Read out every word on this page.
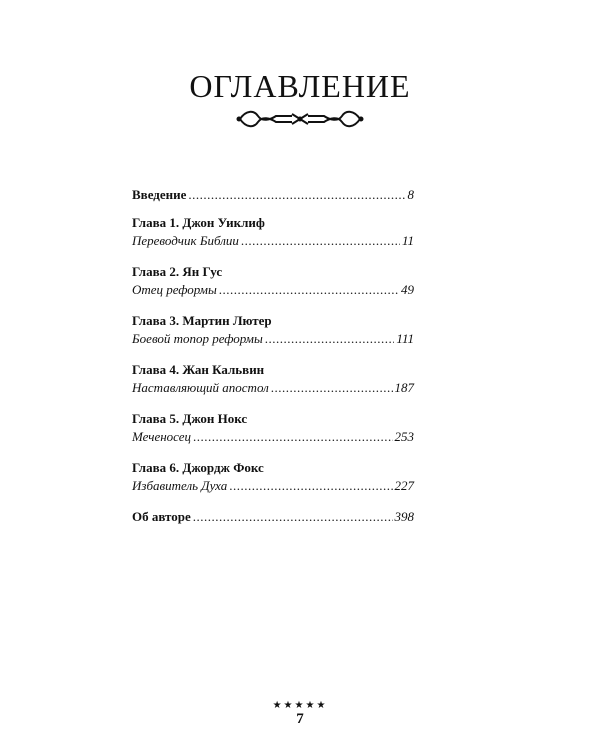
ОГЛАВЛЕНИЕ
Введение .....	8
Глава 1. Джон Уиклиф
Переводчик Библии .....	11
Глава 2. Ян Гус
Отец реформы .....	49
Глава 3. Мартин Лютер
Боевой топор реформы .....	111
Глава 4. Жан Кальвин
Наставляющий апостол .....	187
Глава 5. Джон Нокс
Меченосец .....	253
Глава 6. Джордж Фокс
Избавитель Духа .....	227
Об авторе .....	398
★★★★★
7
